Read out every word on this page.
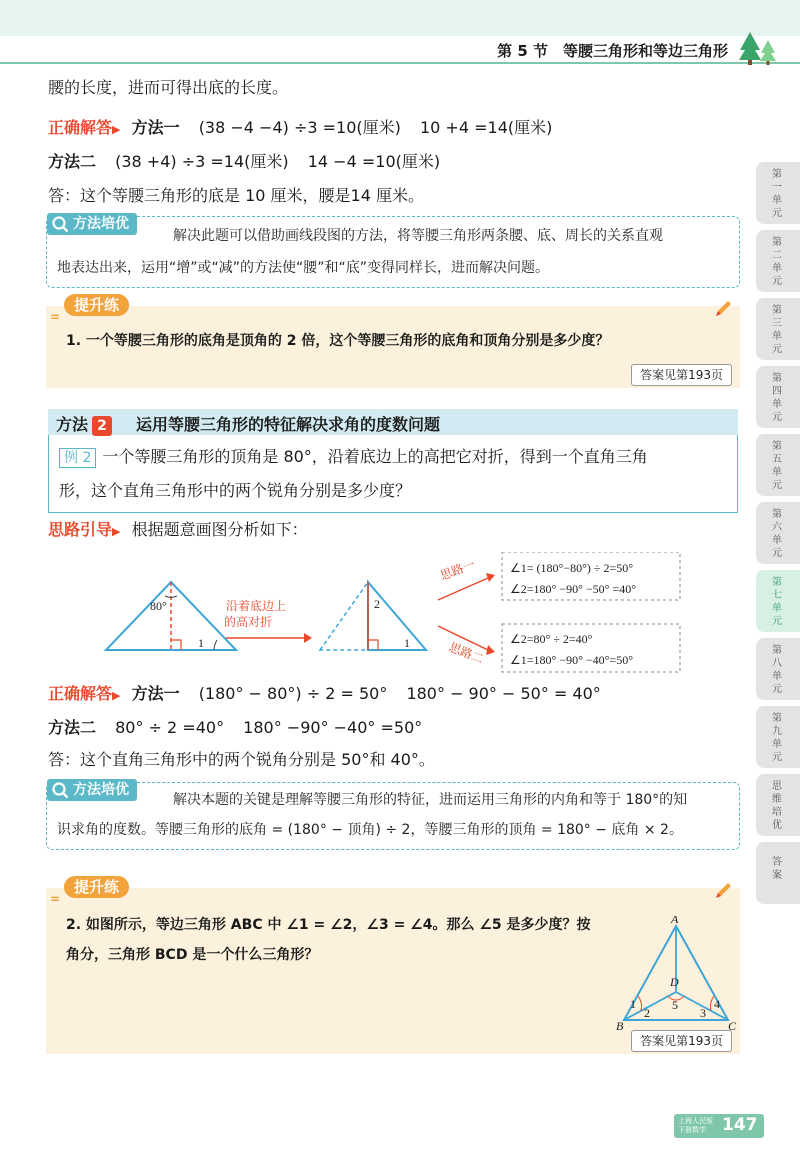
第 5 节　等腰三角形和等边三角形
腰的长度，进而可得出底的长度。
正确解答▶ 方法一 (38 −4 −4) ÷3 =10(厘米) 10 +4 =14(厘米)
方法二 (38 +4) ÷3 =14(厘米) 14 −4 =10(厘米)
答：这个等腰三角形的底是 10 厘米，腰是14 厘米。
方法培优
解决此题可以借助画线段图的方法，将等腰三角形两条腰、底、周长的关系直观
地表达出来，运用“增”或“减”的方法使“腰”和“底”变得同样长，进而解决问题。
=
提升练
1. 一个等腰三角形的底角是顶角的 2 倍，这个等腰三角形的底角和顶角分别是多少度？
答案见第193页
方法 2	运用等腰三角形的特征解决求角的度数问题
例 2 一个等腰三角形的顶角是 80°，沿着底边上的高把它对折，得到一个直角三角
形，这个直角三角形中的两个锐角分别是多少度？
思路引导▶ 根据题意画图分析如下：
80°
1
沿着底边上
的高对折
2
1
思路一	∠1= (180°−80°) ÷ 2=50°
∠2=180° −90° −50° =40°
思路二
∠2=80° ÷ 2=40°
∠1=180° −90° −40°=50°
正确解答▶ 方法一 (180° − 80°) ÷ 2 = 50° 180° − 90° − 50° = 40°
方法二 80° ÷ 2 =40° 180° −90° −40° =50°
答：这个直角三角形中的两个锐角分别是 50°和 40°。
方法培优
解决本题的关键是理解等腰三角形的特征，进而运用三角形的内角和等于 180°的知
识求角的度数。等腰三角形的底角 = (180° − 顶角) ÷ 2，等腰三角形的顶角 = 180° − 底角 × 2。
=
提升练
2. 如图所示，等边三角形 ABC 中 ∠1 = ∠2，∠3 = ∠4。那么 ∠5 是多少度？按
角分，三角形 BCD 是一个什么三角形？
A
B	C
D
1
2	3
4
5
答案见第193页
第一单元
第二单元
第三单元
第四单元
第五单元
第六单元
第七单元
第八单元
第九单元
思维培优
答案
上海人民版
下册数学 147
